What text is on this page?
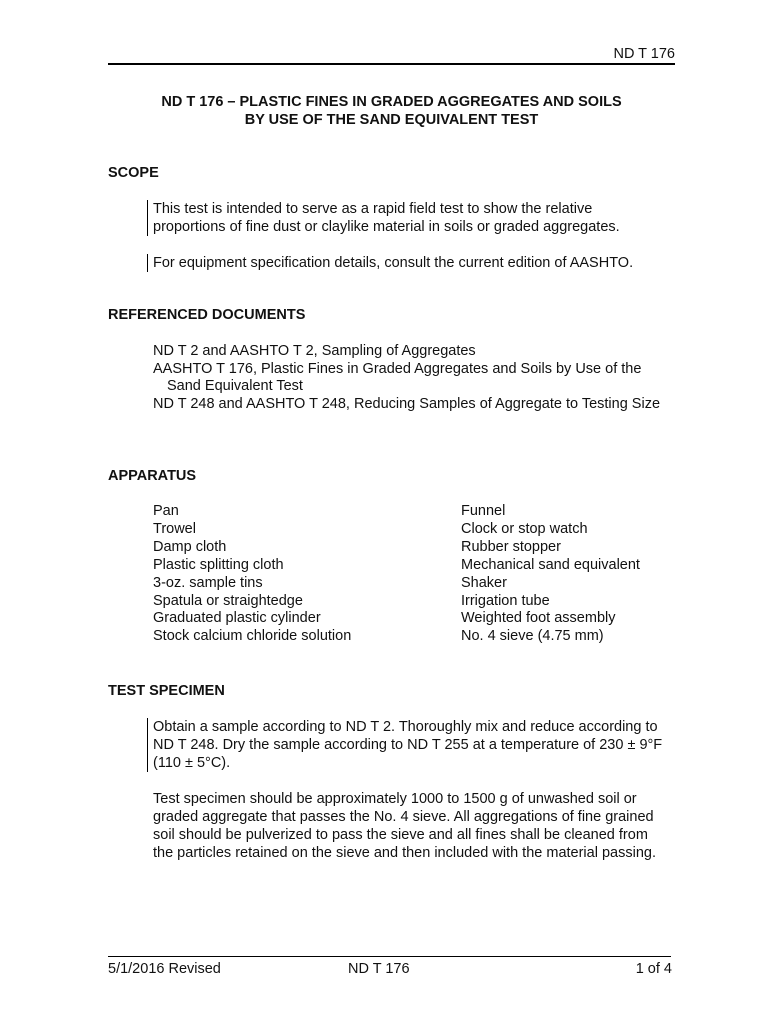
ND T 176
ND T 176 – PLASTIC FINES IN GRADED AGGREGATES AND SOILS
BY USE OF THE SAND EQUIVALENT TEST
SCOPE

This test is intended to serve as a rapid field test to show the relative proportions of fine dust or claylike material in soils or graded aggregates.

For equipment specification details, consult the current edition of AASHTO.

REFERENCED DOCUMENTS

ND T 2 and AASHTO T 2, Sampling of Aggregates

AASHTO T 176, Plastic Fines in Graded Aggregates and Soils by Use of the Sand Equivalent Test

ND T 248 and AASHTO T 248, Reducing Samples of Aggregate to Testing Size

APPARATUS
Pan
Trowel
Damp cloth
Plastic splitting cloth
3-oz. sample tins
Spatula or straightedge
Graduated plastic cylinder
Stock calcium chloride solution
Funnel
Clock or stop watch
Rubber stopper
Mechanical sand equivalent
Shaker
Irrigation tube
Weighted foot assembly
No. 4 sieve (4.75 mm)
TEST SPECIMEN

Obtain a sample according to ND T 2. Thoroughly mix and reduce according to ND T 248. Dry the sample according to ND T 255 at a temperature of 230 ± 9°F (110 ± 5°C).

Test specimen should be approximately 1000 to 1500 g of unwashed soil or graded aggregate that passes the No. 4 sieve. All aggregations of fine grained soil should be pulverized to pass the sieve and all fines shall be cleaned from the particles retained on the sieve and then included with the material passing.

5/1/2016 Revised	ND T 176	1 of 4
